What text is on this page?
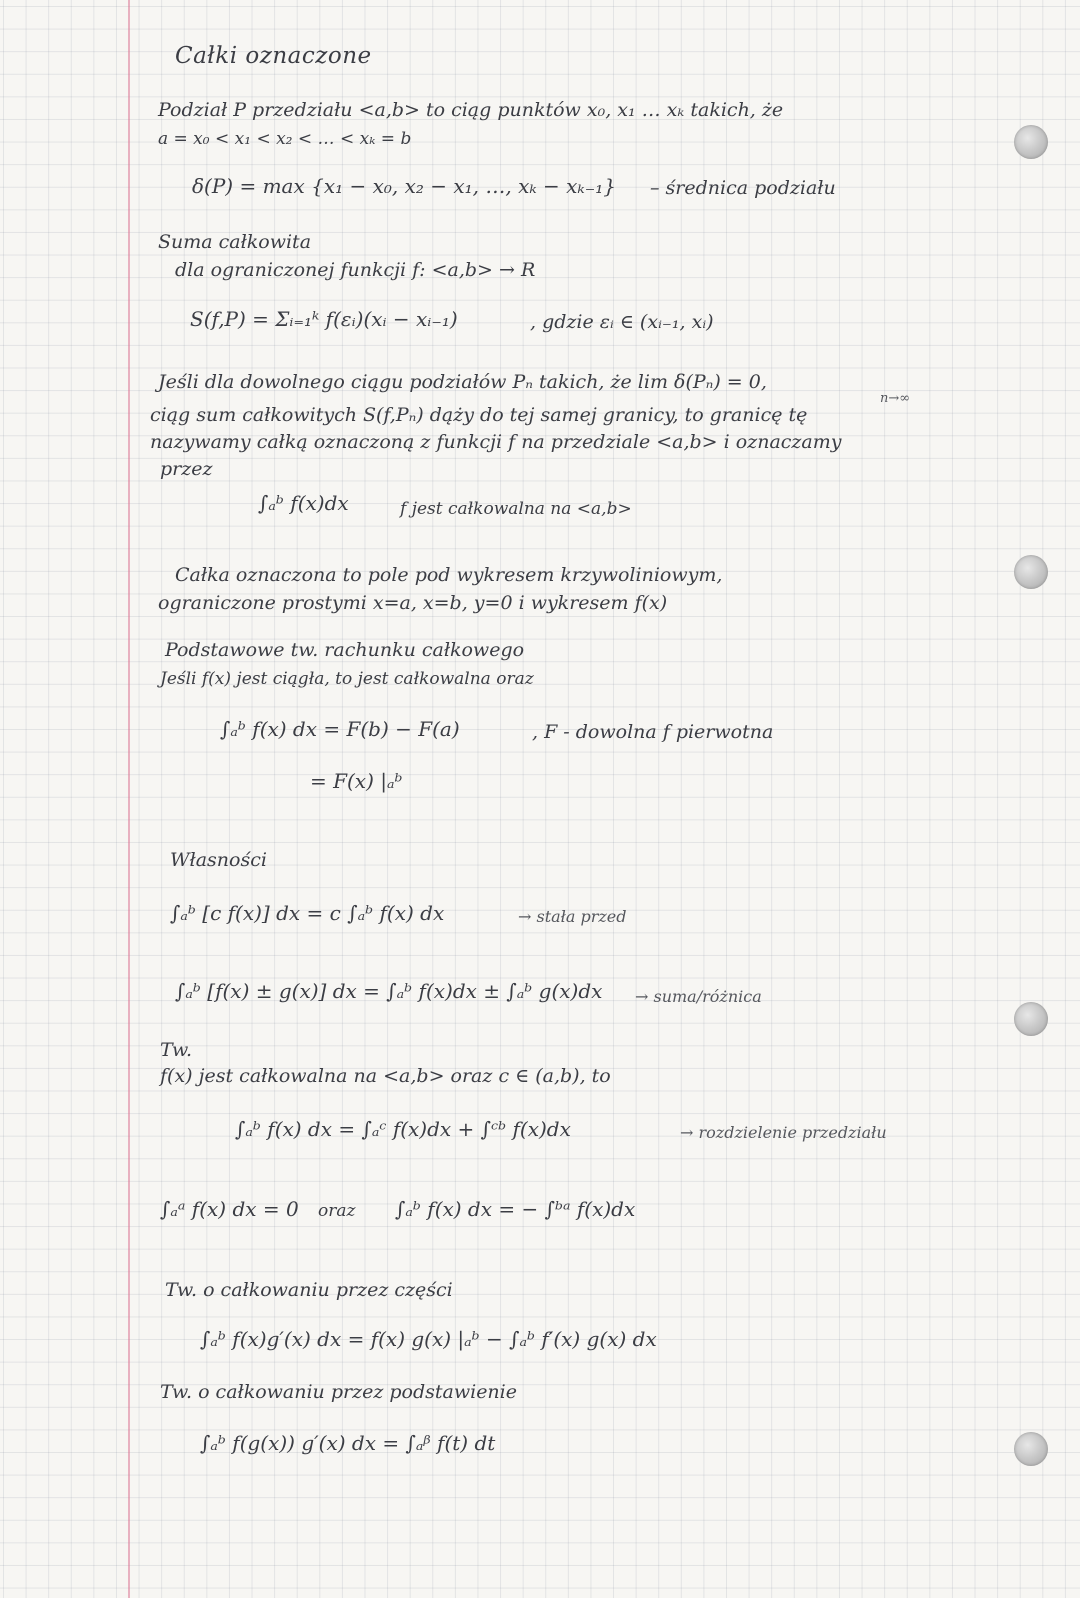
Całki oznaczone

Podział P przedziału <a,b> to ciąg punktów x₀, x₁ … xₖ takich, że

a = x₀ < x₁ < x₂ < … < xₖ = b

δ(P) = max {x₁ − x₀, x₂ − x₁, …, xₖ − xₖ₋₁} – średnica podziału

Suma całkowita

dla ograniczonej funkcji f: <a,b> → R

S(f,P) = Σᵢ₌₁ᵏ f(εᵢ)(xᵢ − xᵢ₋₁)	, gdzie εᵢ ∈ (xᵢ₋₁, xᵢ)

Jeśli dla dowolnego ciągu podziałów Pₙ takich, że lim δ(Pₙ) = 0,

n→∞

ciąg sum całkowitych S(f,Pₙ) dąży do tej samej granicy, to granicę tę

nazywamy całką oznaczoną z funkcji f na przedziale <a,b> i oznaczamy

przez

∫ₐᵇ f(x)dx	f jest całkowalna na <a,b>

Całka oznaczona to pole pod wykresem krzywoliniowym,

ograniczone prostymi x=a, x=b, y=0 i wykresem f(x)

Podstawowe tw. rachunku całkowego

Jeśli f(x) jest ciągła, to jest całkowalna oraz

∫ₐᵇ f(x) dx = F(b) − F(a)	, F - dowolna f pierwotna

= F(x) |ₐᵇ

Własności

∫ₐᵇ [c f(x)] dx = c ∫ₐᵇ f(x) dx	→ stała przed

∫ₐᵇ [f(x) ± g(x)] dx = ∫ₐᵇ f(x)dx ± ∫ₐᵇ g(x)dx → suma/różnica

Tw.

f(x) jest całkowalna na <a,b> oraz c ∈ (a,b), to

∫ₐᵇ f(x) dx = ∫ₐᶜ f(x)dx + ∫ᶜᵇ f(x)dx	→ rozdzielenie przedziału

∫ₐᵃ f(x) dx = 0 oraz ∫ₐᵇ f(x) dx = − ∫ᵇᵃ f(x)dx

Tw. o całkowaniu przez części

∫ₐᵇ f(x)g′(x) dx = f(x) g(x) |ₐᵇ − ∫ₐᵇ f′(x) g(x) dx

Tw. o całkowaniu przez podstawienie

∫ₐᵇ f(g(x)) g′(x) dx = ∫ₐᵝ f(t) dt
